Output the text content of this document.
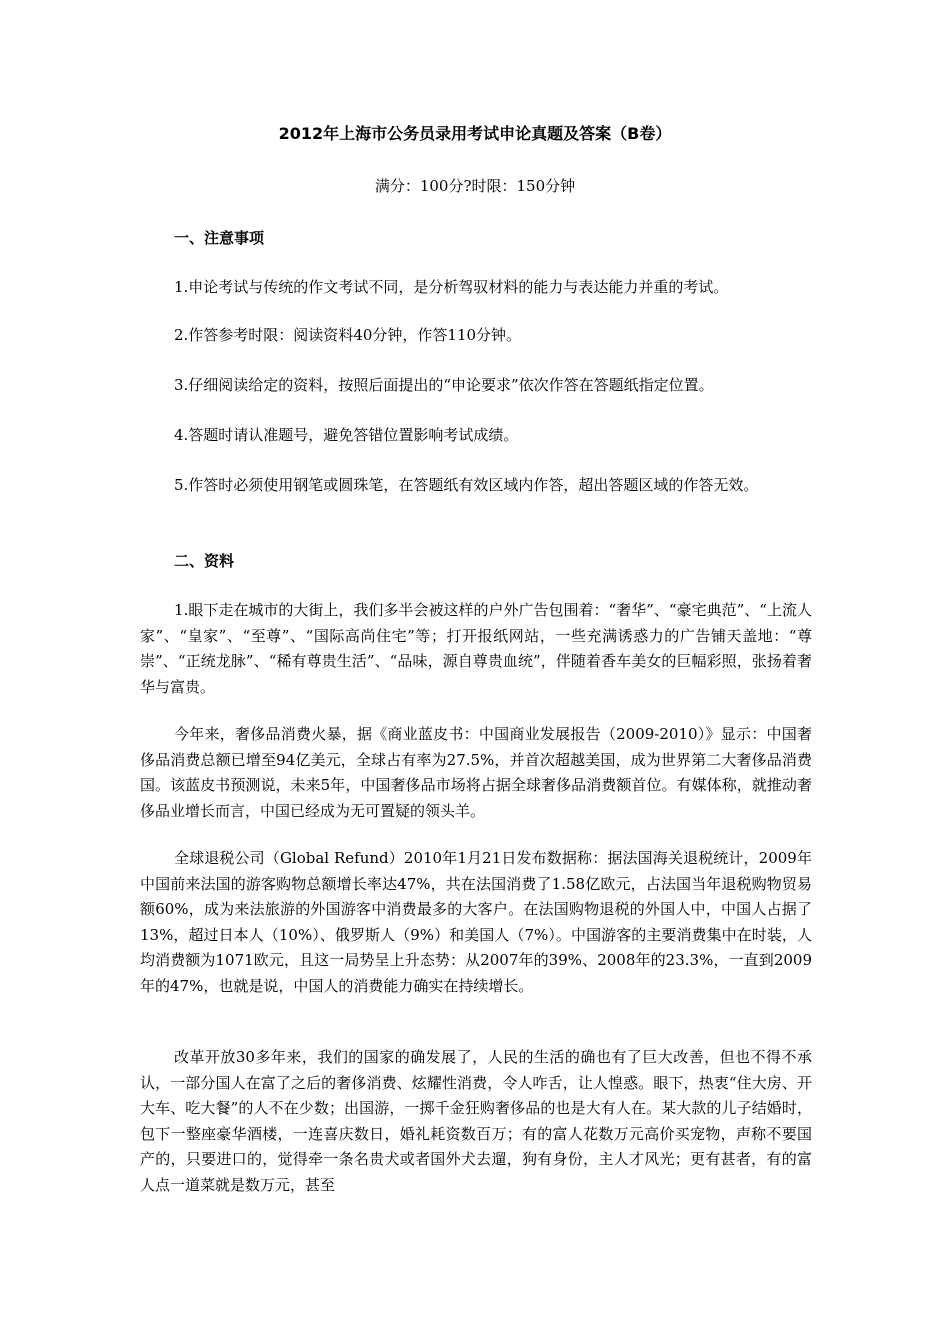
2012年上海市公务员录用考试申论真题及答案（B卷）
满分：100分?时限：150分钟
一、注意事项

1.申论考试与传统的作文考试不同，是分析驾驭材料的能力与表达能力并重的考试。

2.作答参考时限：阅读资料40分钟，作答110分钟。

3.仔细阅读给定的资料，按照后面提出的“申论要求”依次作答在答题纸指定位置。

4.答题时请认准题号，避免答错位置影响考试成绩。

5.作答时必须使用钢笔或圆珠笔，在答题纸有效区域内作答，超出答题区域的作答无效。

二、资料

1.眼下走在城市的大街上，我们多半会被这样的户外广告包围着：“奢华”、“豪宅典范”、“上流人家”、“皇家”、“至尊”、“国际高尚住宅”等；打开报纸网站，一些充满诱惑力的广告铺天盖地：“尊崇”、“正统龙脉”、“稀有尊贵生活”、“品味，源自尊贵血统”，伴随着香车美女的巨幅彩照，张扬着奢华与富贵。

今年来，奢侈品消费火暴，据《商业蓝皮书：中国商业发展报告（2009-2010）》显示：中国奢侈品消费总额已增至94亿美元，全球占有率为27.5%，并首次超越美国，成为世界第二大奢侈品消费国。该蓝皮书预测说，未来5年，中国奢侈品市场将占据全球奢侈品消费额首位。有媒体称，就推动奢侈品业增长而言，中国已经成为无可置疑的领头羊。

全球退税公司（Global Refund）2010年1月21日发布数据称：据法国海关退税统计，2009年中国前来法国的游客购物总额增长率达47%，共在法国消费了1.58亿欧元，占法国当年退税购物贸易额60%，成为来法旅游的外国游客中消费最多的大客户。在法国购物退税的外国人中，中国人占据了13%，超过日本人（10%）、俄罗斯人（9%）和美国人（7%）。中国游客的主要消费集中在时装，人均消费额为1071欧元，且这一局势呈上升态势：从2007年的39%、2008年的23.3%，一直到2009年的47%，也就是说，中国人的消费能力确实在持续增长。

改革开放30多年来，我们的国家的确发展了，人民的生活的确也有了巨大改善，但也不得不承认，一部分国人在富了之后的奢侈消费、炫耀性消费，令人咋舌，让人惶惑。眼下，热衷“住大房、开大车、吃大餐”的人不在少数；出国游，一掷千金狂购奢侈品的也是大有人在。某大款的儿子结婚时，包下一整座豪华酒楼，一连喜庆数日，婚礼耗资数百万；有的富人花数万元高价买宠物，声称不要国产的，只要进口的，觉得牵一条名贵犬或者国外犬去遛，狗有身份，主人才风光；更有甚者，有的富人点一道菜就是数万元，甚至
